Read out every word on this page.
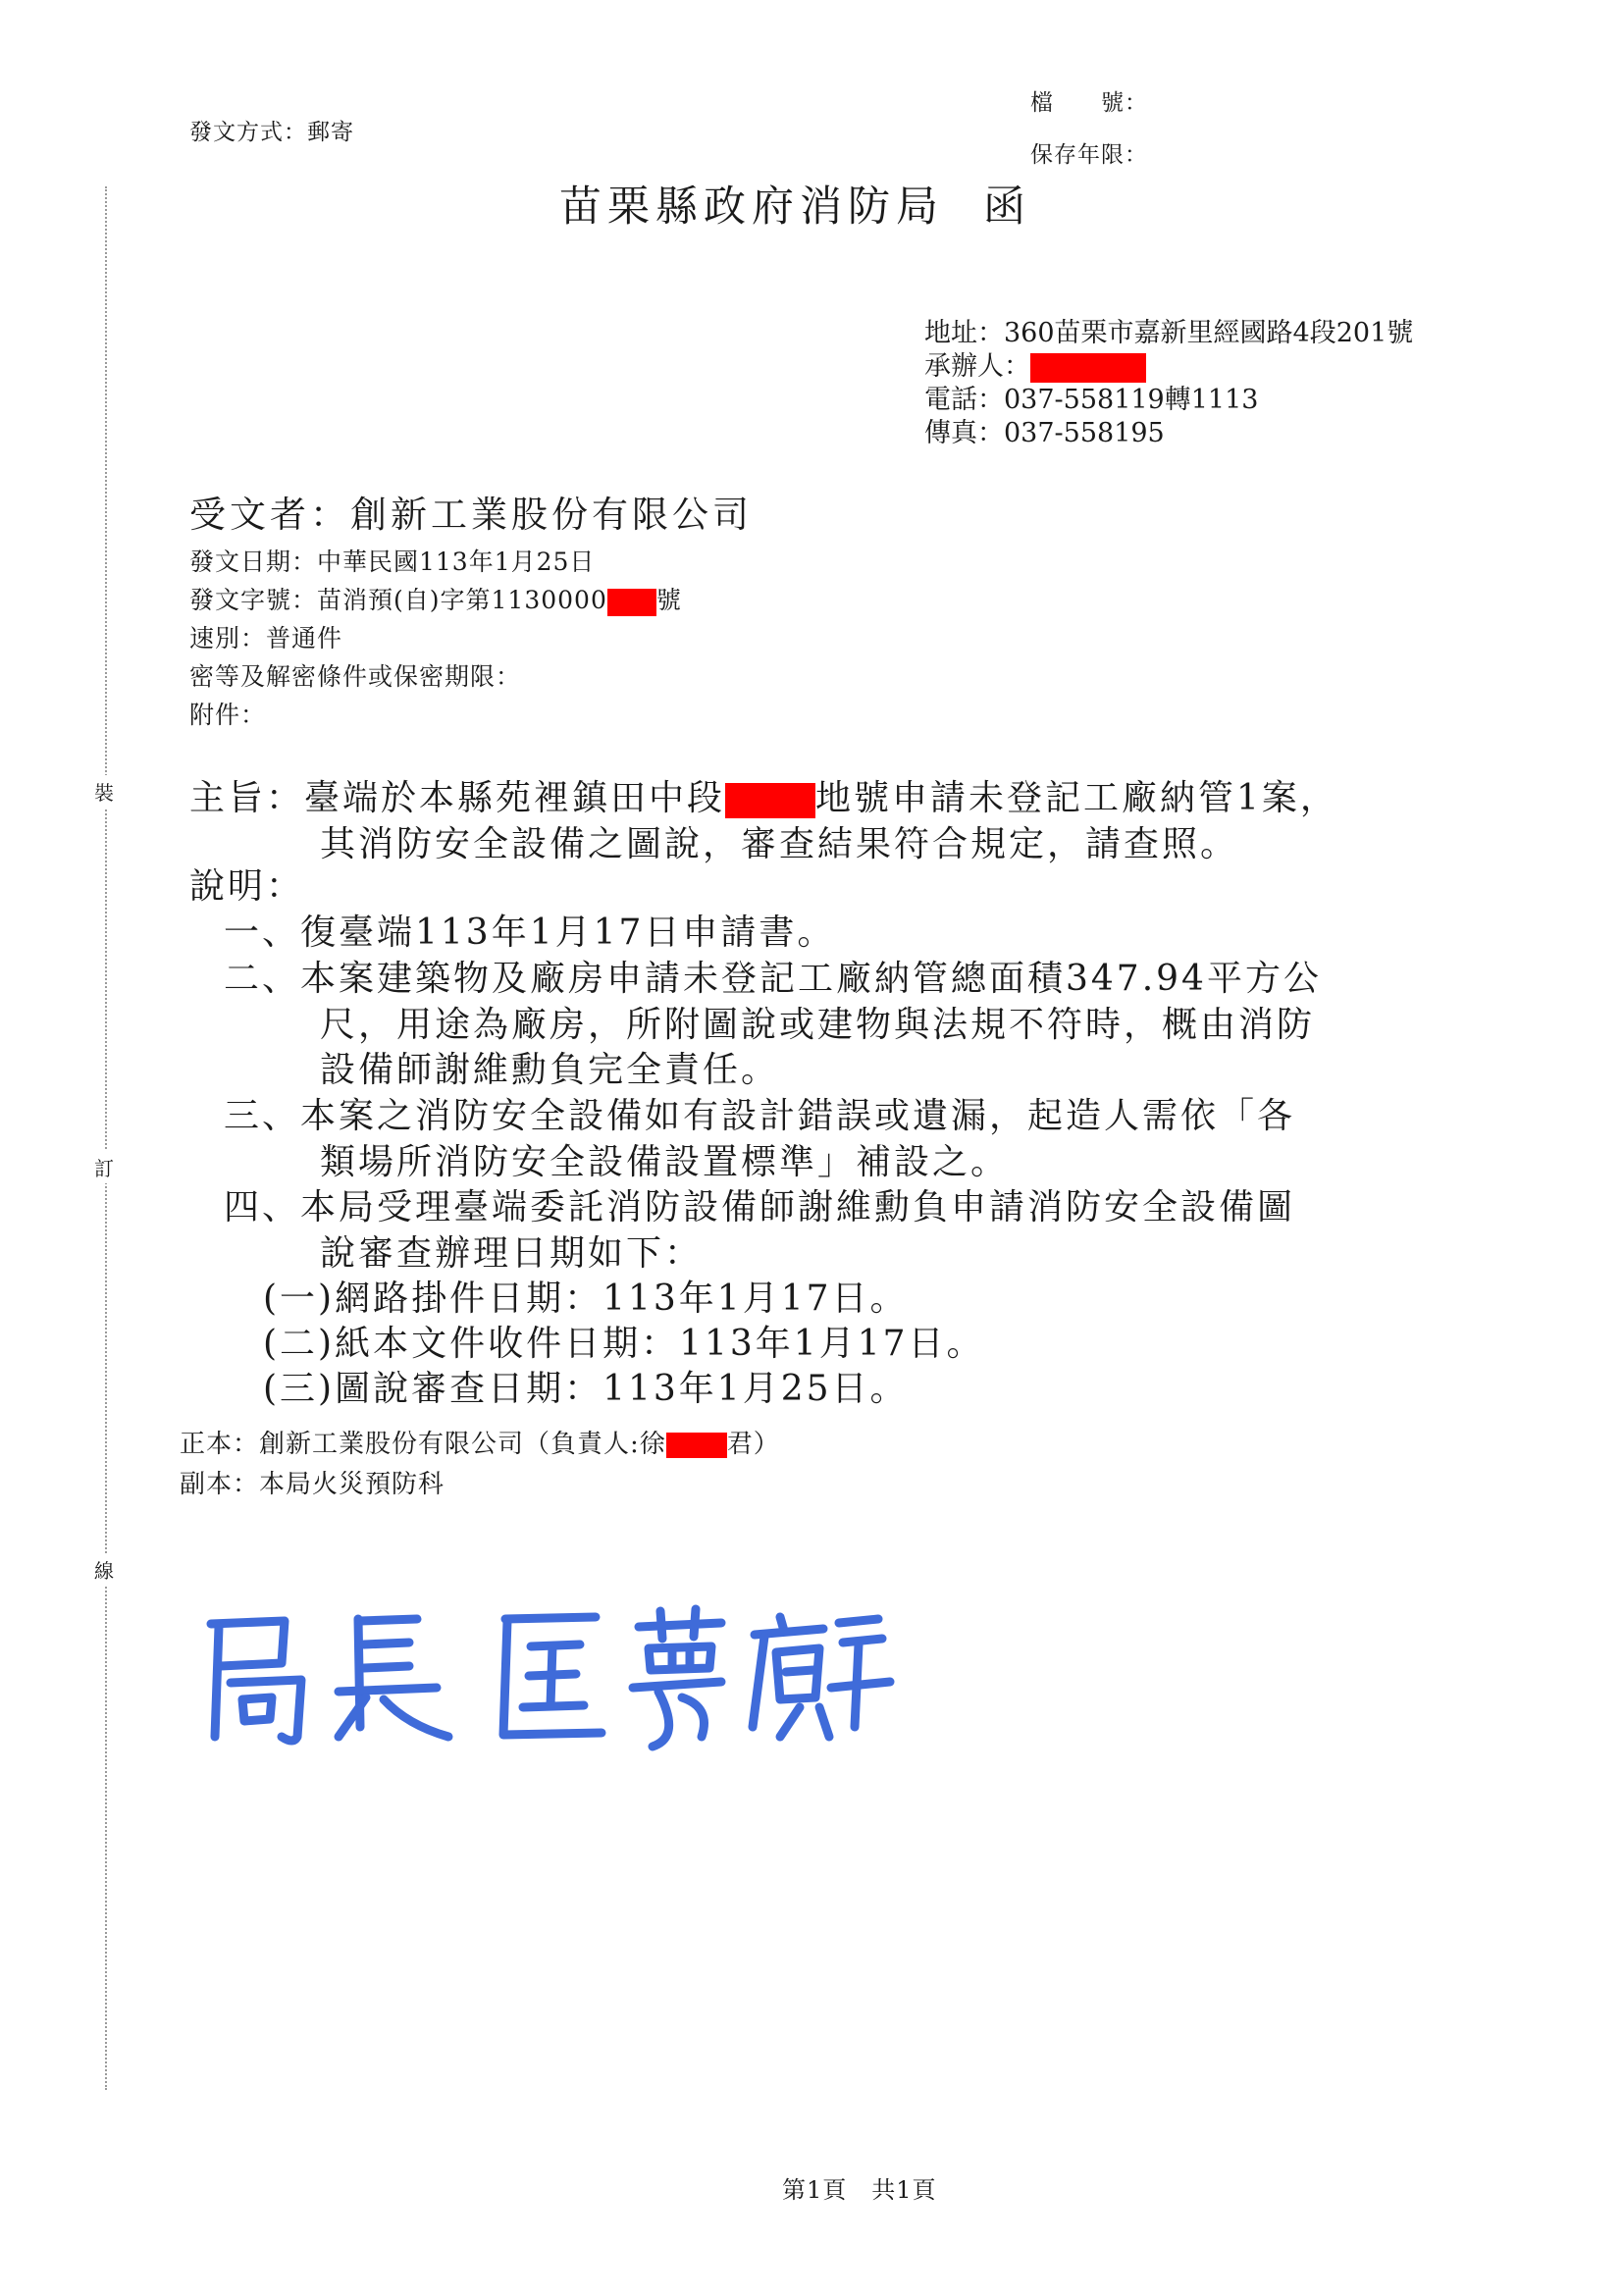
裝
訂
線
發文方式：郵寄
檔　　號：
保存年限：
苗栗縣政府消防局 函
地址：360苗栗市嘉新里經國路4段201號
承辦人：
電話：037-558119轉1113
傳真：037-558195
受文者：創新工業股份有限公司
發文日期：中華民國113年1月25日
發文字號：苗消預(自)字第1130000 號
速別：普通件
密等及解密條件或保密期限：
附件：
主旨：臺端於本縣苑裡鎮田中段	地號申請未登記工廠納管1案，
其消防安全設備之圖說，審查結果符合規定，請查照。
說明：
一、復臺端113年1月17日申請書。
二、本案建築物及廠房申請未登記工廠納管總面積347.94平方公
尺，用途為廠房，所附圖說或建物與法規不符時，概由消防
設備師謝維勳負完全責任。
三、本案之消防安全設備如有設計錯誤或遺漏，起造人需依「各
類場所消防安全設備設置標準」補設之。
四、本局受理臺端委託消防設備師謝維勳負申請消防安全設備圖
說審查辦理日期如下：
(一)網路掛件日期：113年1月17日。
(二)紙本文件收件日期：113年1月17日。
(三)圖說審查日期：113年1月25日。
正本：創新工業股份有限公司（負責人:徐 君）
副本：本局火災預防科
第1頁　共1頁
